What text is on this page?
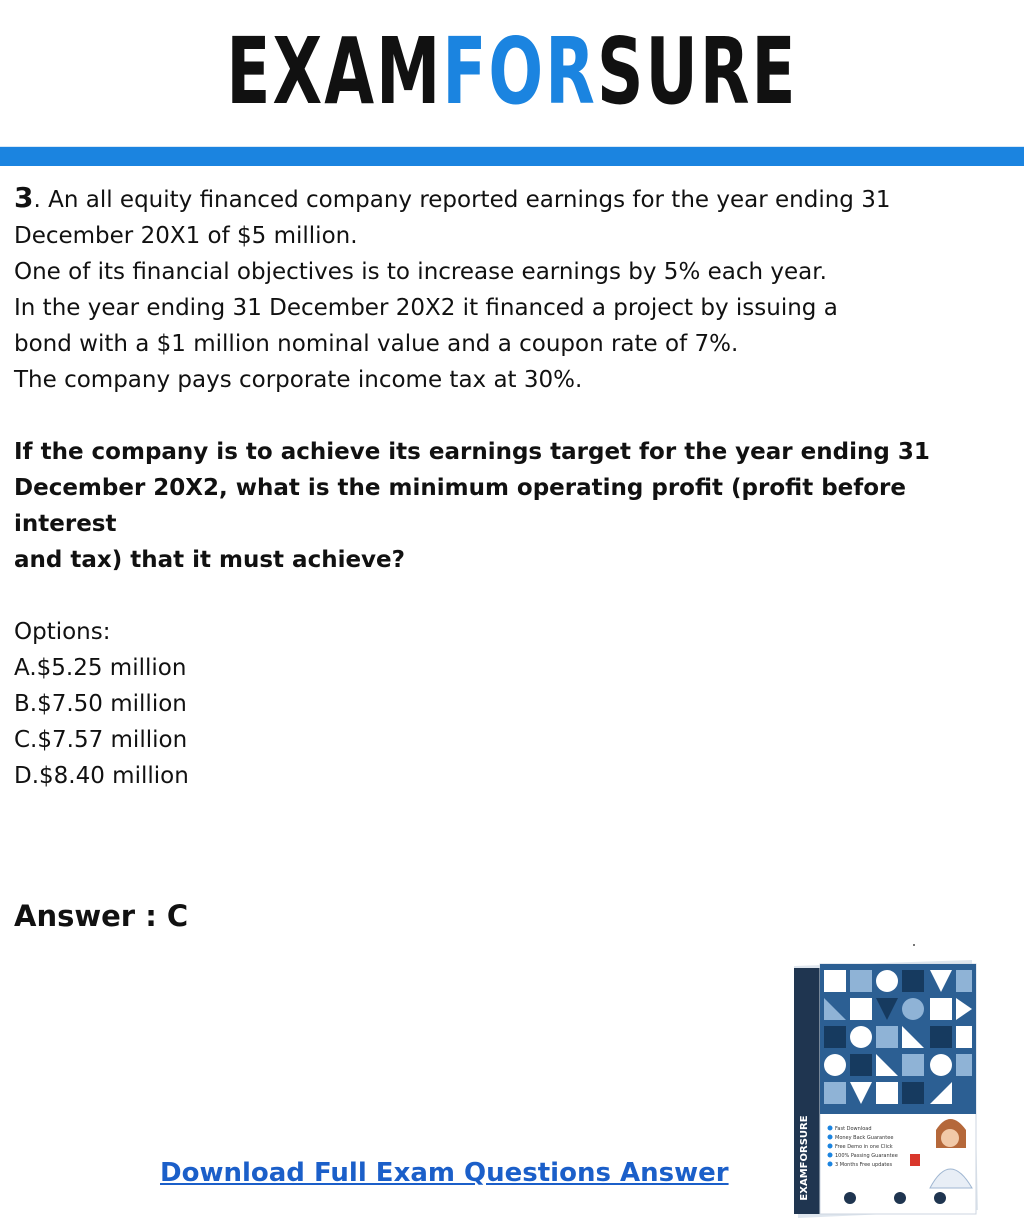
EXAMFORSURE

3. An all equity financed company reported earnings for the year ending 31

December 20X1 of $5 million.

One of its financial objectives is to increase earnings by 5% each year.

In the year ending 31 December 20X2 it financed a project by issuing a

bond with a $1 million nominal value and a coupon rate of 7%.

The company pays corporate income tax at 30%.

If the company is to achieve its earnings target for the year ending 31

December 20X2, what is the minimum operating profit (profit before interest

and tax) that it must achieve?

Options:

A.$5.25 million

B.$7.50 million

C.$7.57 million

D.$8.40 million

Answer : C
Download Full Exam Questions Answer	EXAMFORSURE	Fast Download
Money Back Guarantee
Free Demo in one Click
100% Passing Guarantee
3 Months Free updates
